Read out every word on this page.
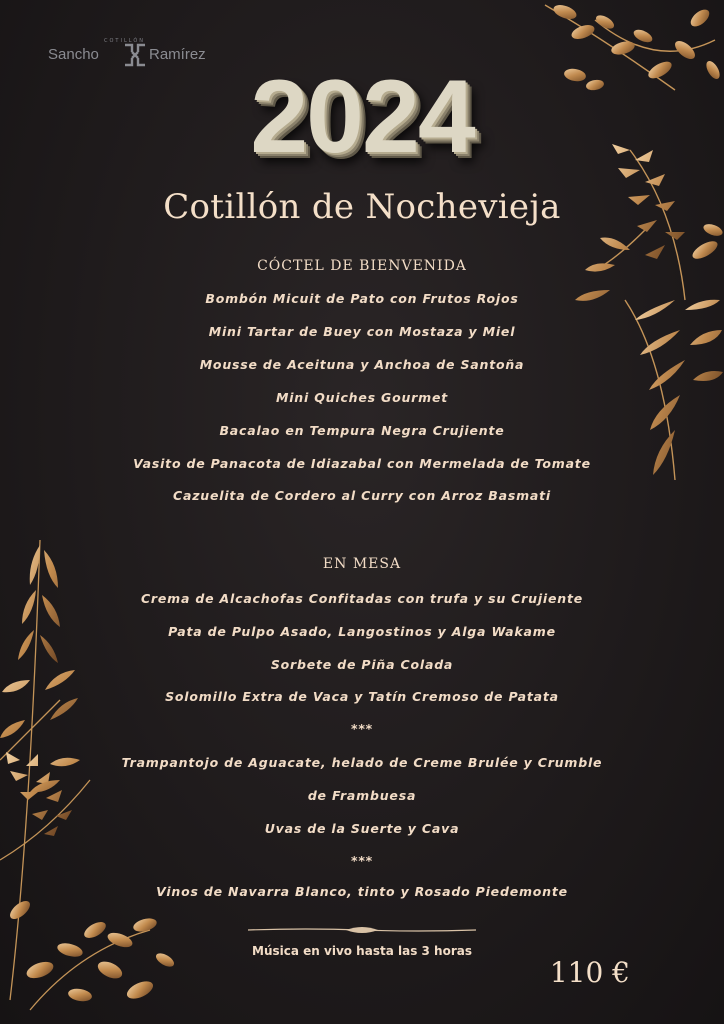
COTILLÓN
Sancho	Ramírez
2024
Cotillón de Nochevieja
CÓCTEL DE BIENVENIDA
Bombón Micuit de Pato con Frutos Rojos
Mini Tartar de Buey con Mostaza y Miel
Mousse de Aceituna y Anchoa de Santoña
Mini Quiches Gourmet
Bacalao en Tempura Negra Crujiente
Vasito de Panacota de Idiazabal con Mermelada de Tomate
Cazuelita de Cordero al Curry con Arroz Basmati
EN MESA
Crema de Alcachofas Confitadas con trufa y su Crujiente
Pata de Pulpo Asado, Langostinos y Alga Wakame
Sorbete de Piña Colada
Solomillo Extra de Vaca y Tatín Cremoso de Patata
***
Trampantojo de Aguacate, helado de Creme Brulée y Crumble
de Frambuesa
Uvas de la Suerte y Cava
***
Vinos de Navarra Blanco, tinto y Rosado Piedemonte
Música en vivo hasta las 3 horas
110 €
